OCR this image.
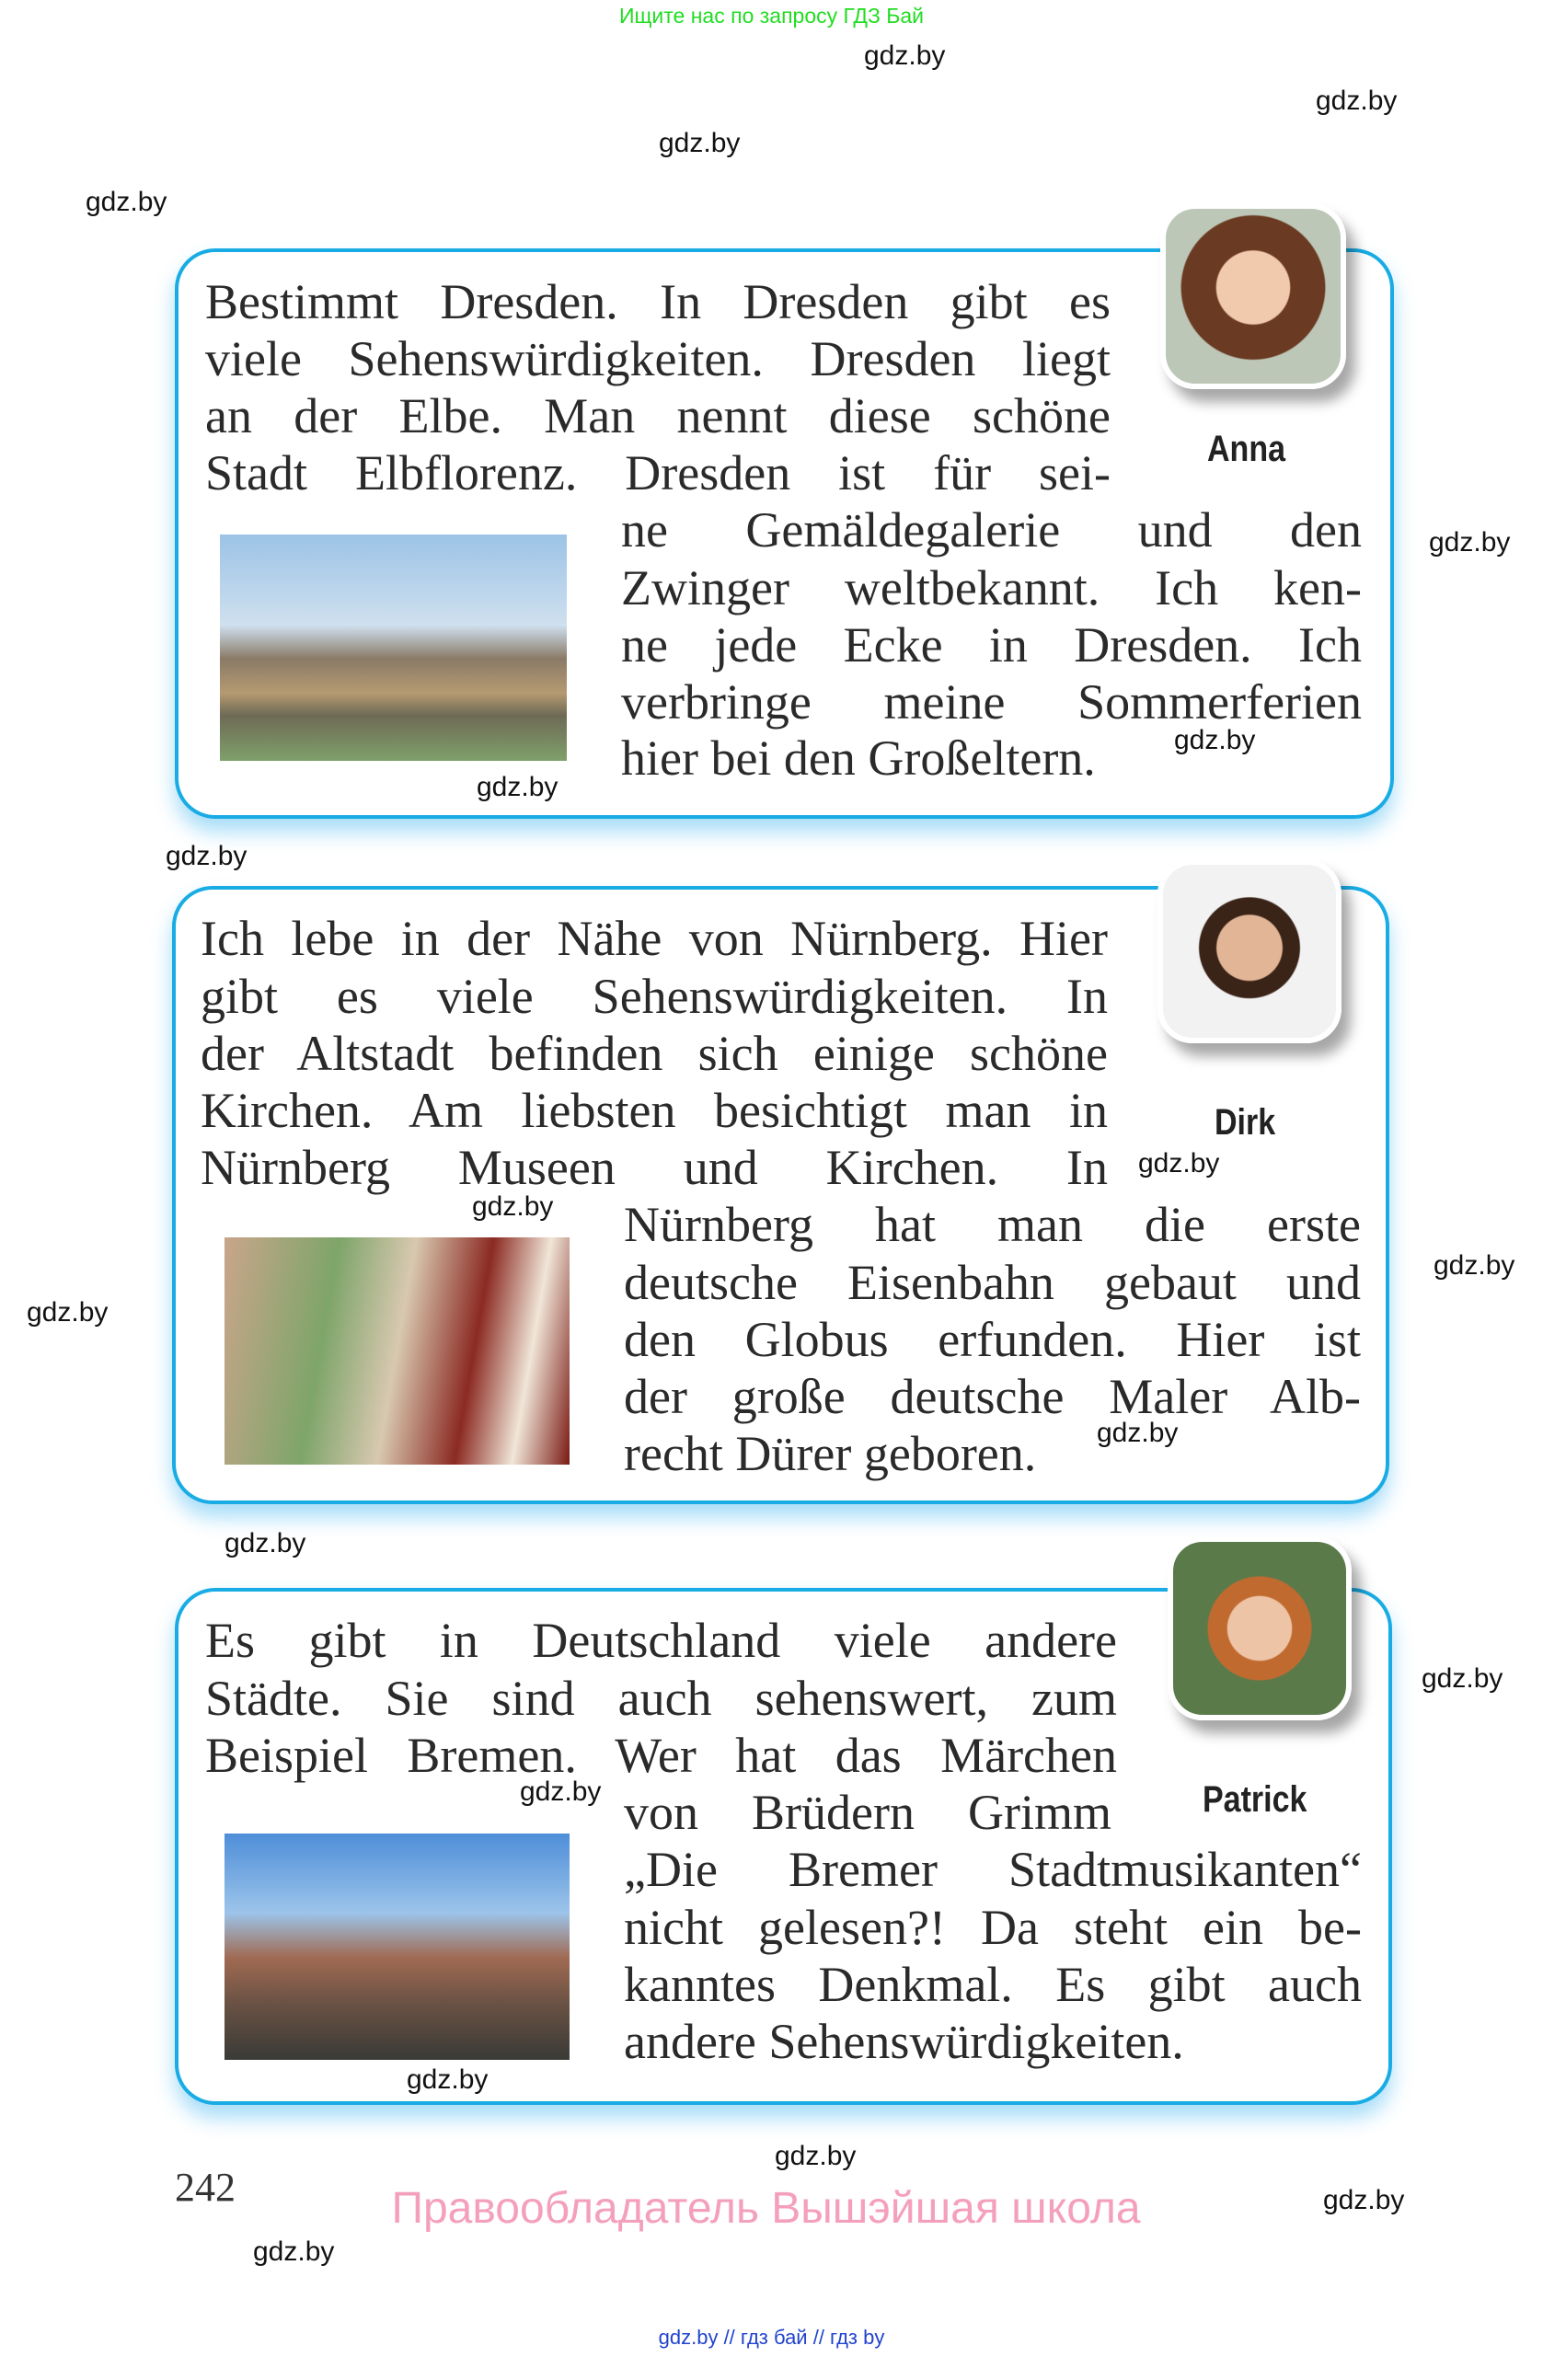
Ищите нас по запросу ГДЗ Бай
Anna
Dirk
Patrick
Bestimmt Dresden. In Dresden gibt es
viele Sehenswürdigkeiten. Dresden liegt
an der Elbe. Man nennt diese schöne
Stadt Elbflorenz. Dresden ist für sei-
ne Gemäldegalerie und den
Zwinger weltbekannt. Ich ken-
ne jede Ecke in Dresden. Ich
verbringe meine Sommerferien
hier bei den Großeltern.
Ich lebe in der Nähe von Nürnberg. Hier
gibt es viele Sehenswürdigkeiten. In
der Altstadt befinden sich einige schöne
Kirchen. Am liebsten besichtigt man in
Nürnberg Museen und Kirchen. In
Nürnberg hat man die erste
deutsche Eisenbahn gebaut und
den Globus erfunden. Hier ist
der große deutsche Maler Alb-
recht Dürer geboren.
Es gibt in Deutschland viele andere
Städte. Sie sind auch sehenswert, zum
Beispiel Bremen. Wer hat das Märchen
von Brüdern Grimm
„Die Bremer Stadtmusikanten“
nicht gelesen?! Da steht ein be-
kanntes Denkmal. Es gibt auch
andere Sehenswürdigkeiten.
242	Правообладатель Вышэйшая школа
gdz.by // гдз бай // гдз by
gdz.by
gdz.by
gdz.by
gdz.by
gdz.by
gdz.by
gdz.by
gdz.by
gdz.by
gdz.by
gdz.by
gdz.by
gdz.by
gdz.by
gdz.by
gdz.by
gdz.by
gdz.by
gdz.by
gdz.by
